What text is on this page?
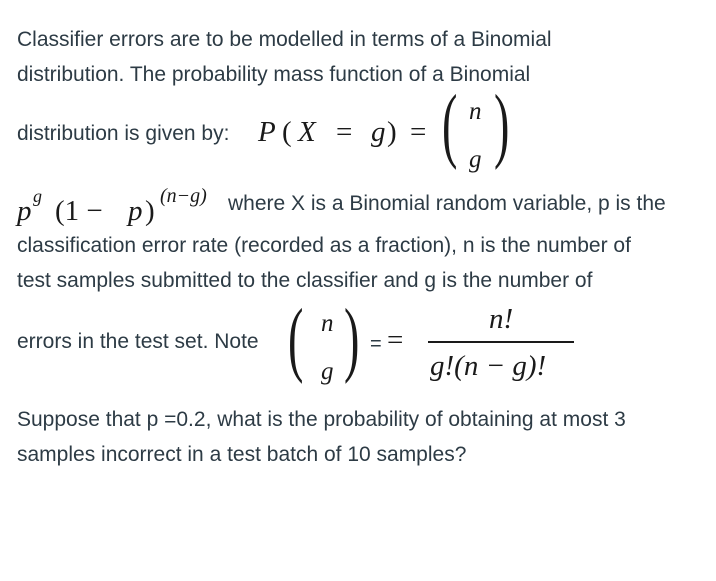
Classifier errors are to be modelled in terms of a Binomial
distribution. The probability mass function of a Binomial
distribution is given by: P ( X = g ) = ( n
g )
p g (1 − p ) (n−g) where X is a Binomial random variable, p is the
classification error rate (recorded as a fraction), n is the number of
test samples submitted to the classifier and g is the number of
errors in the test set. Note ( n
g ) = =
n!
g!(n − g)!
Suppose that p =0.2, what is the probability of obtaining at most 3
samples incorrect in a test batch of 10 samples?
